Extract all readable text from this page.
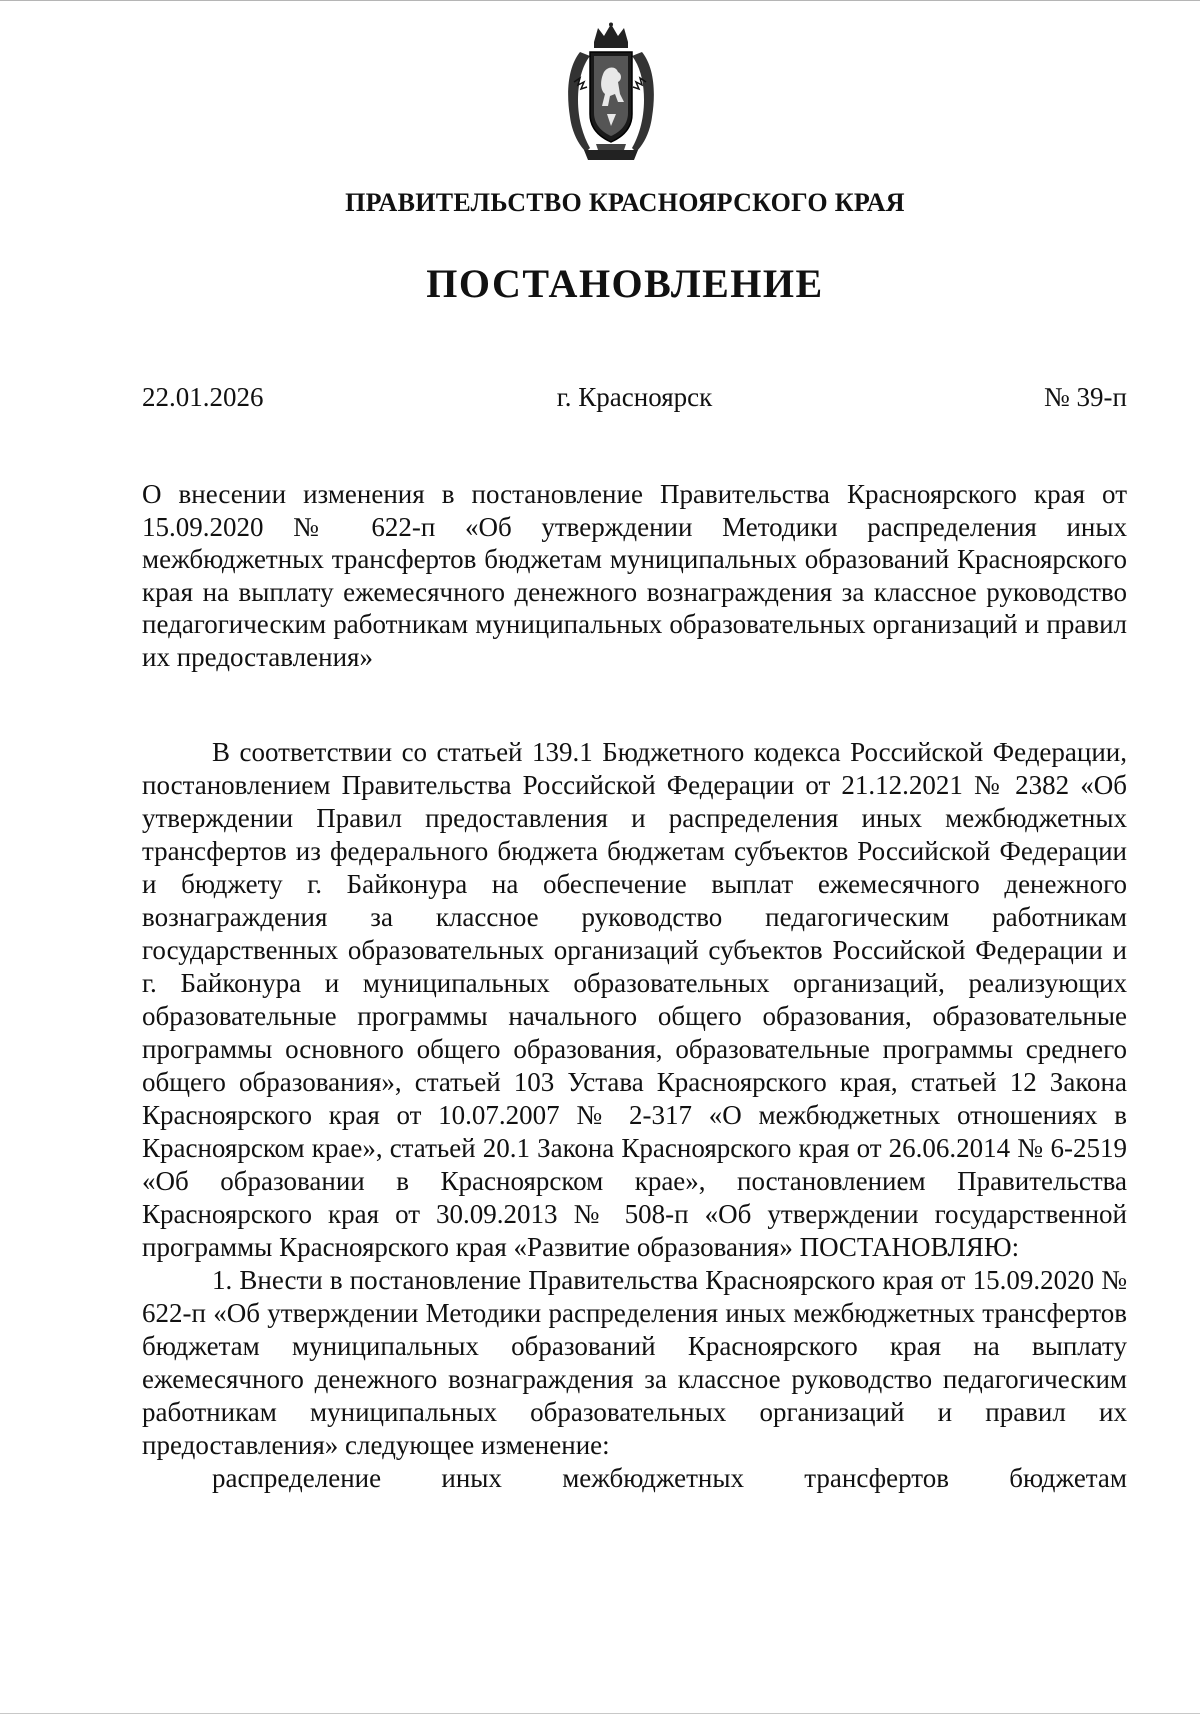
ПРАВИТЕЛЬСТВО КРАСНОЯРСКОГО КРАЯ
ПОСТАНОВЛЕНИЕ
22.01.2026	г. Красноярск	№ 39-п

О внесении изменения в постановление Правительства Красноярского края от 15.09.2020 № 622-п «Об утверждении Методики распределения иных межбюджетных трансфертов бюджетам муниципальных образований Красноярского края на выплату ежемесячного денежного вознаграждения за классное руководство педагогическим работникам муниципальных образовательных организаций и правил их предоставления»

В соответствии со статьей 139.1 Бюджетного кодекса Российской Федерации, постановлением Правительства Российской Федерации от 21.12.2021 № 2382 «Об утверждении Правил предоставления и распределения иных межбюджетных трансфертов из федерального бюджета бюджетам субъектов Российской Федерации и бюджету г. Байконура на обеспечение выплат ежемесячного денежного вознаграждения за классное руководство педагогическим работникам государственных образовательных организаций субъектов Российской Федерации и г. Байконура и муниципальных образовательных организаций, реализующих образовательные программы начального общего образования, образовательные программы основного общего образования, образовательные программы среднего общего образования», статьей 103 Устава Красноярского края, статьей 12 Закона Красноярского края от 10.07.2007 № 2-317 «О межбюджетных отношениях в Красноярском крае», статьей 20.1 Закона Красноярского края от 26.06.2014 № 6-2519 «Об образовании в Красноярском крае», постановлением Правительства Красноярского края от 30.09.2013 № 508-п «Об утверждении государственной программы Красноярского края «Развитие образования» ПОСТАНОВЛЯЮ:

1. Внести в постановление Правительства Красноярского края от 15.09.2020 № 622-п «Об утверждении Методики распределения иных межбюджетных трансфертов бюджетам муниципальных образований Красноярского края на выплату ежемесячного денежного вознаграждения за классное руководство педагогическим работникам муниципальных образовательных организаций и правил их предоставления» следующее изменение:

распределение иных межбюджетных трансфертов бюджетам
